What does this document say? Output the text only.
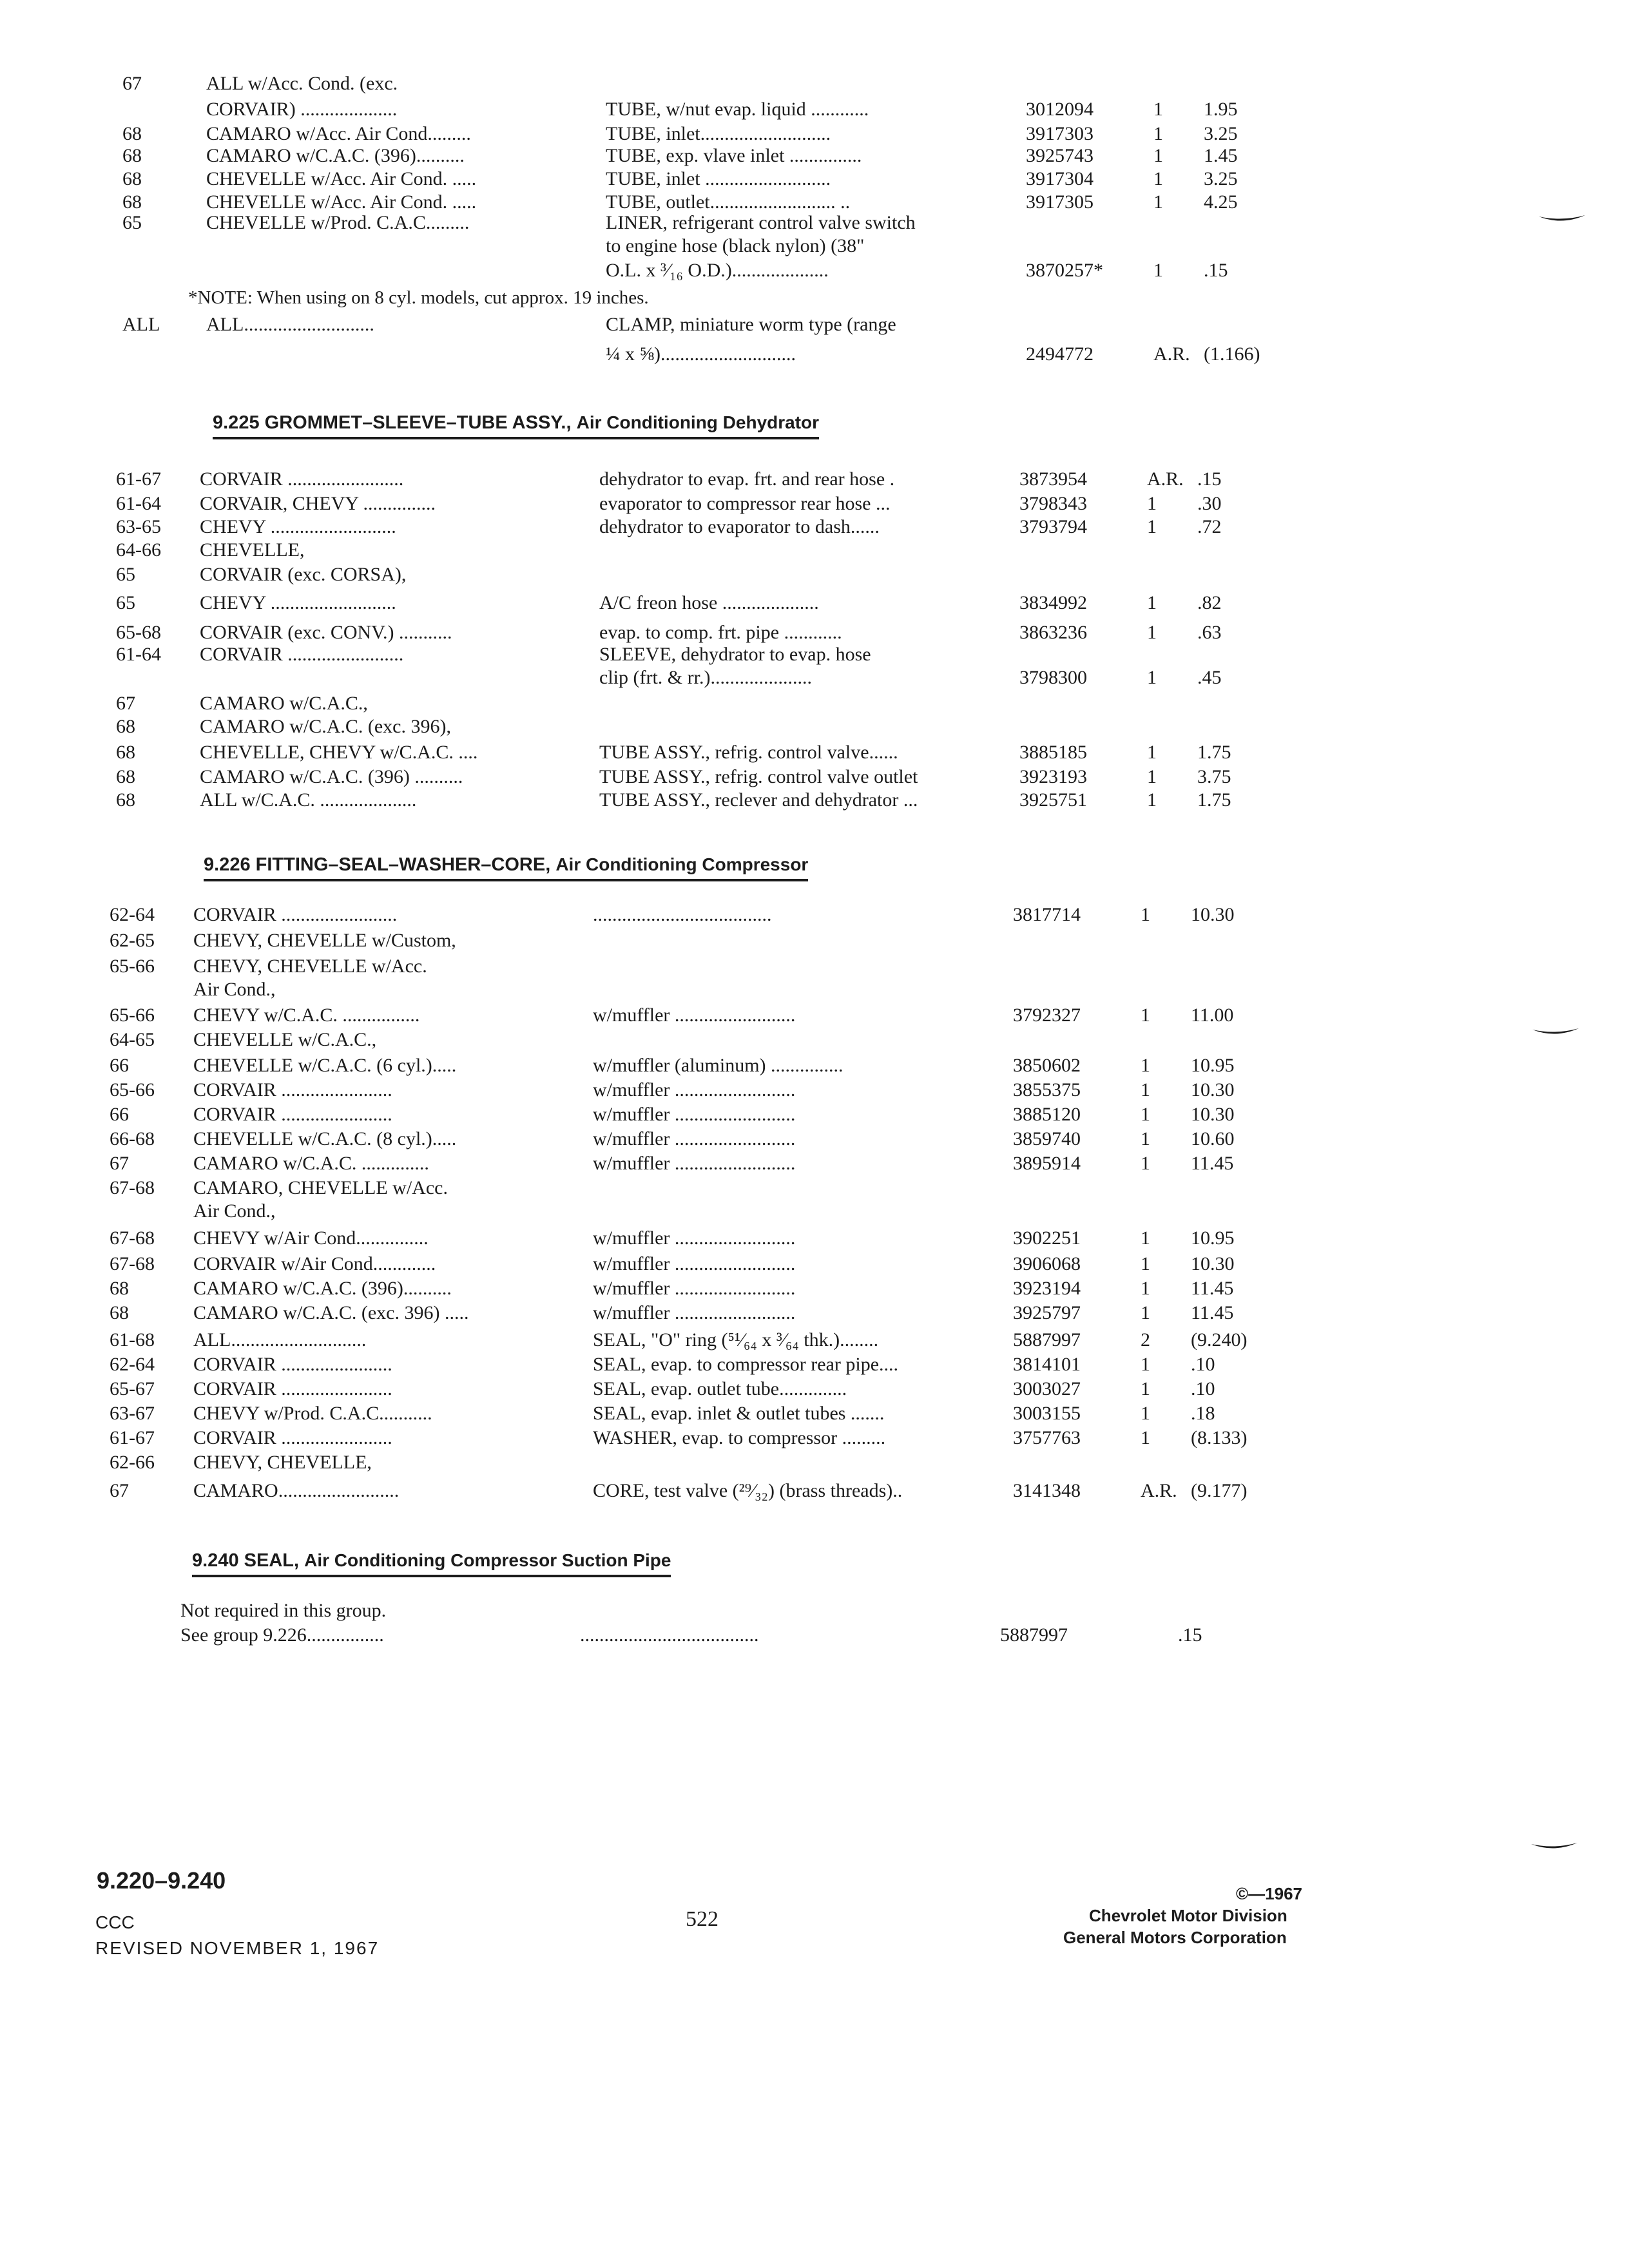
67	ALL w/Acc. Cond. (exc.
CORVAIR) ....................	TUBE, w/nut evap. liquid ............	3012094	1 1.95
68	CAMARO w/Acc. Air Cond.........	TUBE, inlet...........................	3917303	1 3.25
68	CAMARO w/C.A.C. (396)..........	TUBE, exp. vlave inlet ...............	3925743	1 1.45
68	CHEVELLE w/Acc. Air Cond. .....	TUBE, inlet ..........................	3917304	1 3.25
68	CHEVELLE w/Acc. Air Cond. .....	TUBE, outlet.......................... ..	3917305	1 4.25
65	CHEVELLE w/Prod. C.A.C.........	LINER, refrigerant control valve switch
to engine hose (black nylon) (38"
O.L. x ³⁄₁₆ O.D.)....................	3870257*	1 .15
*NOTE: When using on 8 cyl. models, cut approx. 19 inches.
ALL ALL...........................	CLAMP, miniature worm type (range
¼ x ⅝)............................	2494772	A.R. (1.166)
9.225 GROMMET–SLEEVE–TUBE ASSY., Air Conditioning Dehydrator
61-67 CORVAIR ........................	dehydrator to evap. frt. and rear hose .	3873954	A.R. .15
61-64 CORVAIR, CHEVY ...............	evaporator to compressor rear hose ...	3798343	1 .30
63-65 CHEVY ..........................	dehydrator to evaporator to dash......	3793794	1 .72
64-66 CHEVELLE,
65	CORVAIR (exc. CORSA),
65	CHEVY ..........................	A/C freon hose ....................	3834992	1 .82
65-68 CORVAIR (exc. CONV.) ...........	evap. to comp. frt. pipe ............	3863236	1 .63
61-64 CORVAIR ........................	SLEEVE, dehydrator to evap. hose
clip (frt. & rr.).....................	3798300	1 .45
67	CAMARO w/C.A.C.,
68	CAMARO w/C.A.C. (exc. 396),
68	CHEVELLE, CHEVY w/C.A.C. ....	TUBE ASSY., refrig. control valve......	3885185	1 1.75
68	CAMARO w/C.A.C. (396) ..........	TUBE ASSY., refrig. control valve outlet	3923193	1 3.75
68	ALL w/C.A.C. ....................	TUBE ASSY., reclever and dehydrator ...	3925751	1 1.75
9.226 FITTING–SEAL–WASHER–CORE, Air Conditioning Compressor
62-64 CORVAIR ........................	.....................................	3817714	1 10.30
62-65 CHEVY, CHEVELLE w/Custom,
65-66 CHEVY, CHEVELLE w/Acc.
Air Cond.,
65-66 CHEVY w/C.A.C. ................	w/muffler .........................	3792327	1 11.00
64-65 CHEVELLE w/C.A.C.,
66	CHEVELLE w/C.A.C. (6 cyl.).....	w/muffler (aluminum) ...............	3850602	1 10.95
65-66 CORVAIR .......................	w/muffler .........................	3855375	1 10.30
66	CORVAIR .......................	w/muffler .........................	3885120	1 10.30
66-68 CHEVELLE w/C.A.C. (8 cyl.).....	w/muffler .........................	3859740	1 10.60
67	CAMARO w/C.A.C. ..............	w/muffler .........................	3895914	1 11.45
67-68 CAMARO, CHEVELLE w/Acc.
Air Cond.,
67-68 CHEVY w/Air Cond...............	w/muffler .........................	3902251	1 10.95
67-68 CORVAIR w/Air Cond.............	w/muffler .........................	3906068	1 10.30
68	CAMARO w/C.A.C. (396)..........	w/muffler .........................	3923194	1 11.45
68	CAMARO w/C.A.C. (exc. 396) .....	w/muffler .........................	3925797	1 11.45
61-68 ALL............................	SEAL, "O" ring (⁵¹⁄₆₄ x ³⁄₆₄ thk.)........	5887997	2 (9.240)
62-64 CORVAIR .......................	SEAL, evap. to compressor rear pipe....	3814101	1 .10
65-67 CORVAIR .......................	SEAL, evap. outlet tube..............	3003027	1 .10
63-67 CHEVY w/Prod. C.A.C...........	SEAL, evap. inlet & outlet tubes .......	3003155	1 .18
61-67 CORVAIR .......................	WASHER, evap. to compressor .........	3757763	1 (8.133)
62-66 CHEVY, CHEVELLE,
67	CAMARO.........................	CORE, test valve (²⁹⁄₃₂) (brass threads)..	3141348	A.R. (9.177)
9.240 SEAL, Air Conditioning Compressor Suction Pipe
Not required in this group.
See group 9.226................	.....................................	5887997	.15
9.220–9.240
CCC
REVISED NOVEMBER 1, 1967
522
©—1967
Chevrolet Motor Division
General Motors Corporation
